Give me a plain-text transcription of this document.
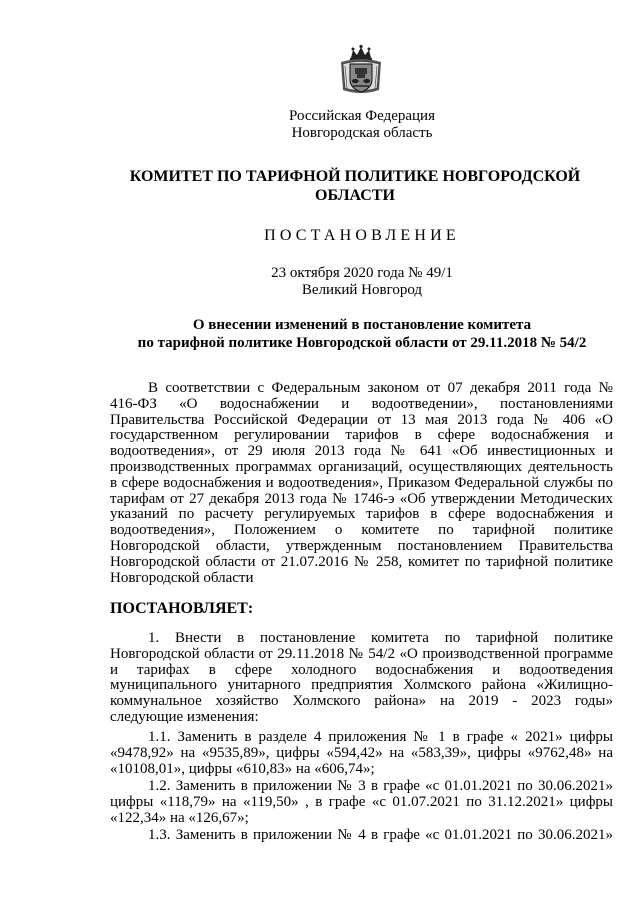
Российская Федерация
Новгородская область
КОМИТЕТ ПО ТАРИФНОЙ ПОЛИТИКЕ НОВГОРОДСКОЙ
ОБЛАСТИ
ПОСТАНОВЛЕНИЕ
23 октября 2020 года № 49/1
Великий Новгород
О внесении изменений в постановление комитета
по тарифной политике Новгородской области от 29.11.2018 № 54/2
В соответствии с Федеральным законом от 07 декабря 2011 года №
416-ФЗ «О водоснабжении и водоотведении», постановлениями
Правительства Российской Федерации от 13 мая 2013 года № 406 «О
государственном регулировании тарифов в сфере водоснабжения и
водоотведения», от 29 июля 2013 года № 641 «Об инвестиционных и
производственных программах организаций, осуществляющих деятельность
в сфере водоснабжения и водоотведения», Приказом Федеральной службы по
тарифам от 27 декабря 2013 года № 1746-э «Об утверждении Методических
указаний по расчету регулируемых тарифов в сфере водоснабжения и
водоотведения», Положением о комитете по тарифной политике
Новгородской области, утвержденным постановлением Правительства
Новгородской области от 21.07.2016 № 258, комитет по тарифной политике
Новгородской области
ПОСТАНОВЛЯЕТ:
1. Внести в постановление комитета по тарифной политике
Новгородской области от 29.11.2018 № 54/2 «О производственной программе
и тарифах в сфере холодного водоснабжения и водоотведения
муниципального унитарного предприятия Холмского района «Жилищно-
коммунальное хозяйство Холмского района» на 2019 - 2023 годы»
следующие изменения:
1.1. Заменить в разделе 4 приложения № 1 в графе « 2021» цифры
«9478,92» на «9535,89», цифры «594,42» на «583,39», цифры «9762,48» на
«10108,01», цифры «610,83» на «606,74»;
1.2. Заменить в приложении № 3 в графе «с 01.01.2021 по 30.06.2021»
цифры «118,79» на «119,50» , в графе «с 01.07.2021 по 31.12.2021» цифры
«122,34» на «126,67»;
1.3. Заменить в приложении № 4 в графе «с 01.01.2021 по 30.06.2021»
